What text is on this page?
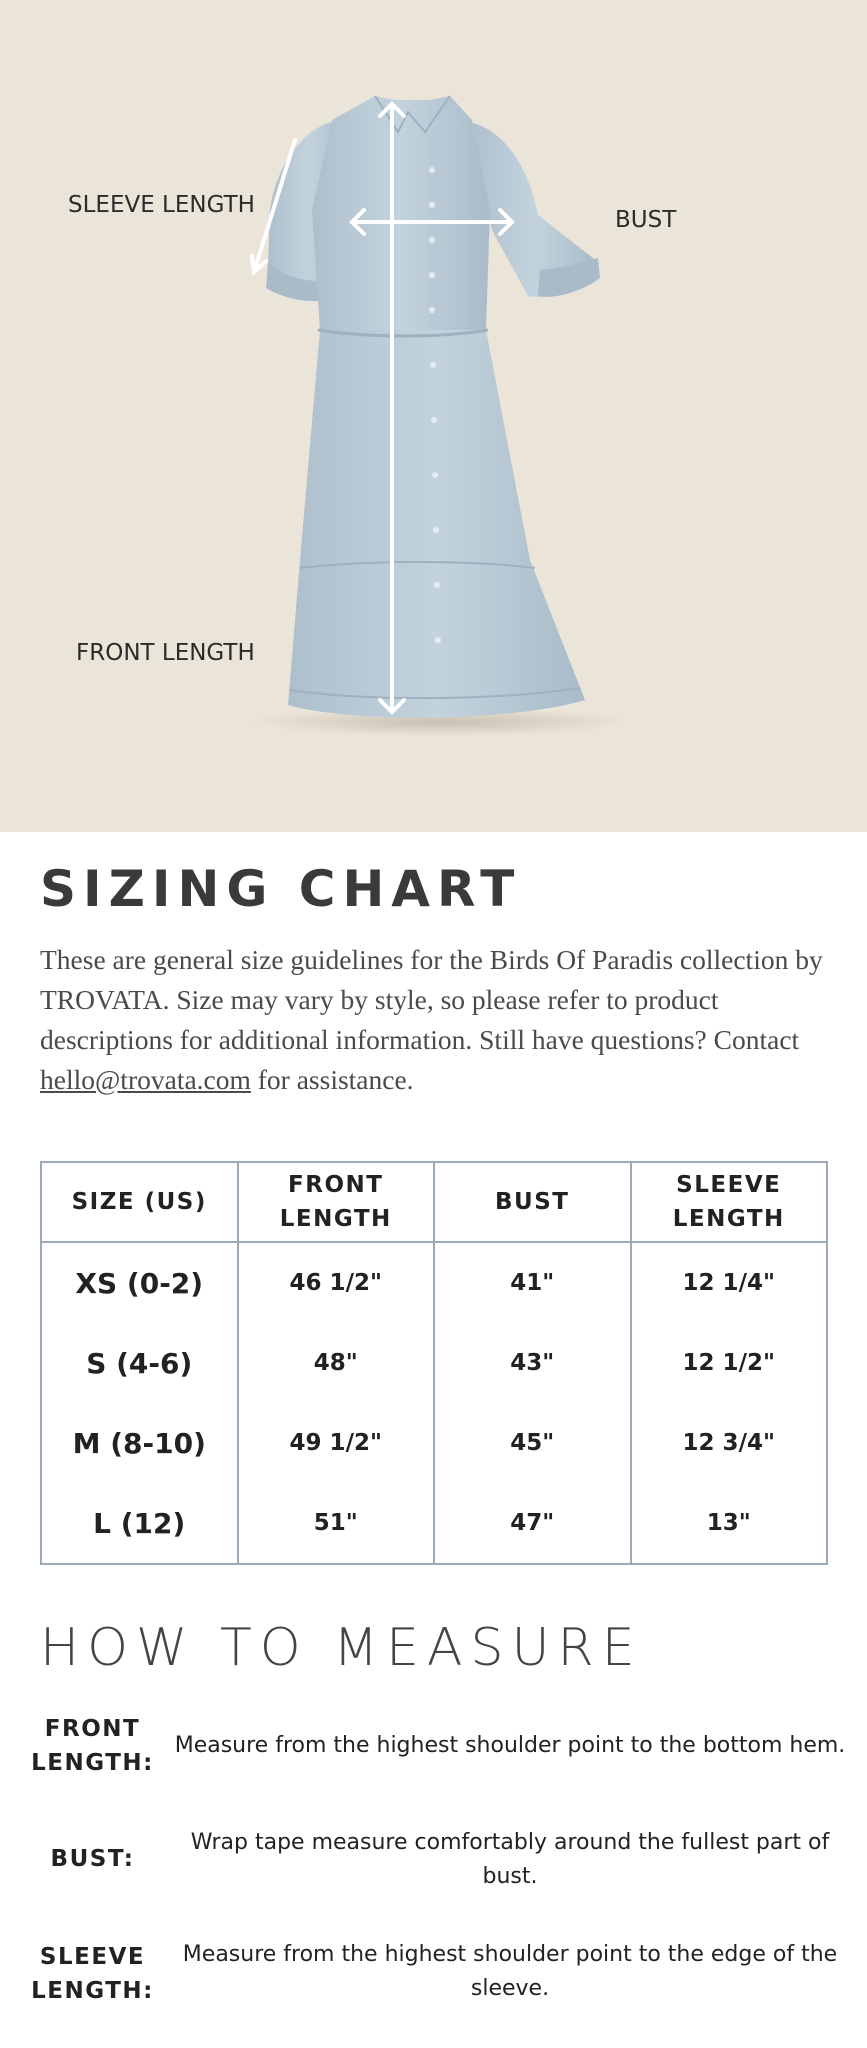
SLEEVE LENGTH
BUST
FRONT LENGTH
SIZING CHART
These are general size guidelines for the Birds Of Paradis collection by TROVATA. Size may vary by style, so please refer to product descriptions for additional information. Still have questions? Contact hello@trovata.com for assistance.
SIZE (US)	FRONT LENGTH	BUST	SLEEVE LENGTH
XS (0-2)	46 1/2"	41"	12 1/4"
S (4-6)	48"	43"	12 1/2"
M (8-10)	49 1/2"	45"	12 3/4"
L (12)	51"	47"	13"
HOW TO MEASURE
FRONT
LENGTH:
Measure from the highest shoulder point to the bottom hem.
BUST:
Wrap tape measure comfortably around the fullest part of bust.
SLEEVE
LENGTH:
Measure from the highest shoulder point to the edge of the sleeve.
